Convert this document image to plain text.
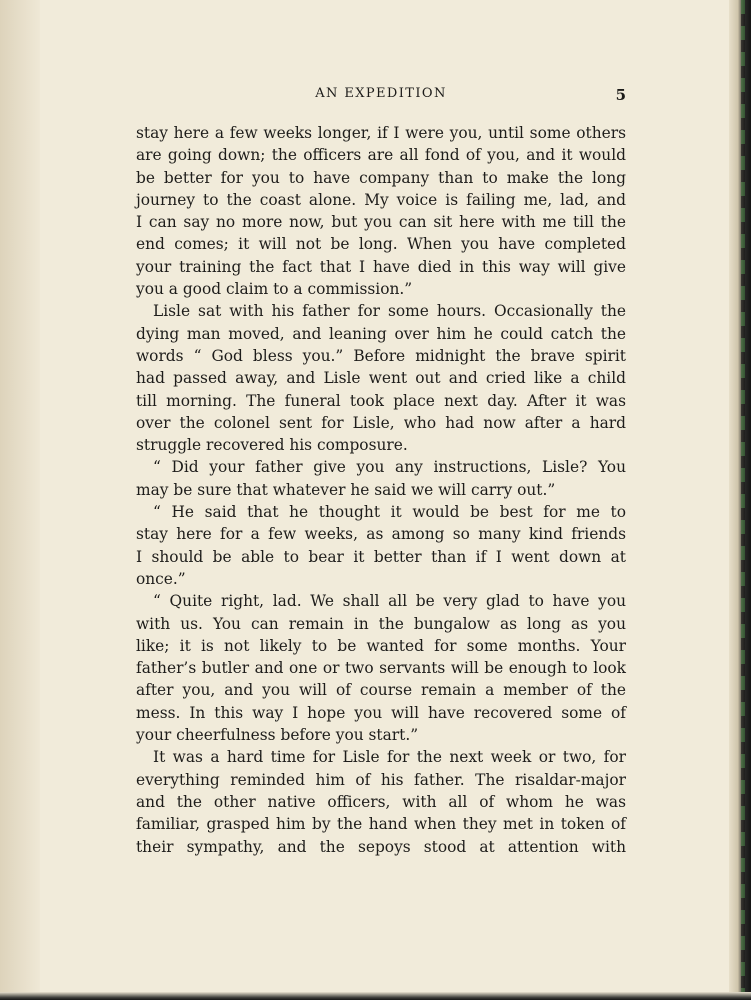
AN EXPEDITION	5
stay here a few weeks longer, if I were you, until some others
are going down; the officers are all fond of you, and it would
be better for you to have company than to make the long
journey to the coast alone. My voice is failing me, lad, and
I can say no more now, but you can sit here with me till the
end comes; it will not be long. When you have completed
your training the fact that I have died in this way will give
you a good claim to a commission.”
Lisle sat with his father for some hours. Occasionally the
dying man moved, and leaning over him he could catch the
words “ God bless you.” Before midnight the brave spirit
had passed away, and Lisle went out and cried like a child
till morning. The funeral took place next day. After it was
over the colonel sent for Lisle, who had now after a hard
struggle recovered his composure.
“ Did your father give you any instructions, Lisle? You
may be sure that whatever he said we will carry out.”
“ He said that he thought it would be best for me to
stay here for a few weeks, as among so many kind friends
I should be able to bear it better than if I went down at
once.”
“ Quite right, lad. We shall all be very glad to have you
with us. You can remain in the bungalow as long as you
like; it is not likely to be wanted for some months. Your
father’s butler and one or two servants will be enough to look
after you, and you will of course remain a member of the
mess. In this way I hope you will have recovered some of
your cheerfulness before you start.”
It was a hard time for Lisle for the next week or two, for
everything reminded him of his father. The risaldar-major
and the other native officers, with all of whom he was
familiar, grasped him by the hand when they met in token of
their sympathy, and the sepoys stood at attention with
